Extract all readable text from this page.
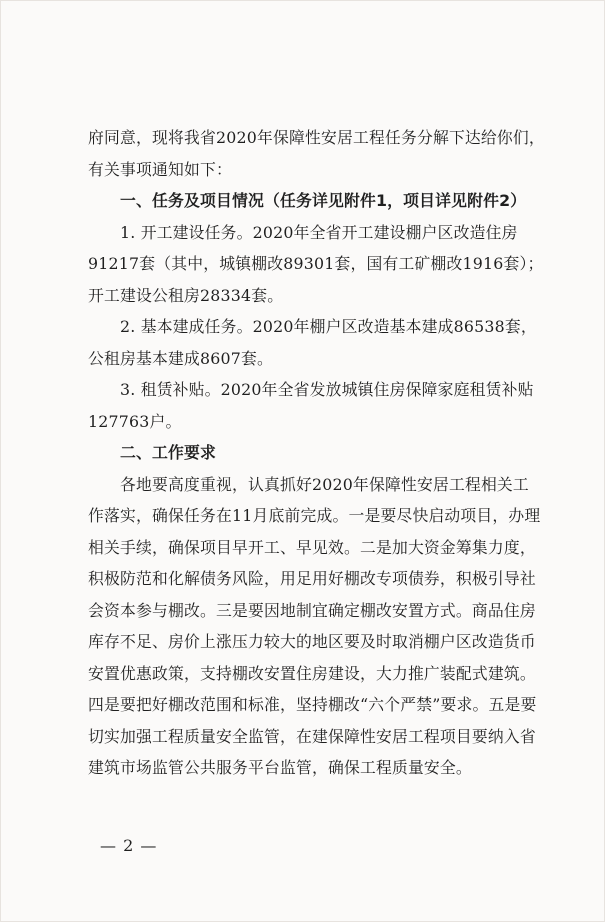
府同意，现将我省2020年保障性安居工程任务分解下达给你们，
有关事项通知如下：
一、任务及项目情况（任务详见附件1，项目详见附件2）
1. 开工建设任务。2020年全省开工建设棚户区改造住房
91217套（其中，城镇棚改89301套，国有工矿棚改1916套）；
开工建设公租房28334套。
2. 基本建成任务。2020年棚户区改造基本建成86538套，
公租房基本建成8607套。
3. 租赁补贴。2020年全省发放城镇住房保障家庭租赁补贴
127763户。
二、工作要求
各地要高度重视，认真抓好2020年保障性安居工程相关工
作落实，确保任务在11月底前完成。一是要尽快启动项目，办理
相关手续，确保项目早开工、早见效。二是加大资金筹集力度，
积极防范和化解债务风险，用足用好棚改专项债券，积极引导社
会资本参与棚改。三是要因地制宜确定棚改安置方式。商品住房
库存不足、房价上涨压力较大的地区要及时取消棚户区改造货币
安置优惠政策，支持棚改安置住房建设，大力推广装配式建筑。
四是要把好棚改范围和标准，坚持棚改“六个严禁”要求。五是要
切实加强工程质量安全监管，在建保障性安居工程项目要纳入省
建筑市场监管公共服务平台监管，确保工程质量安全。
— 2 —
